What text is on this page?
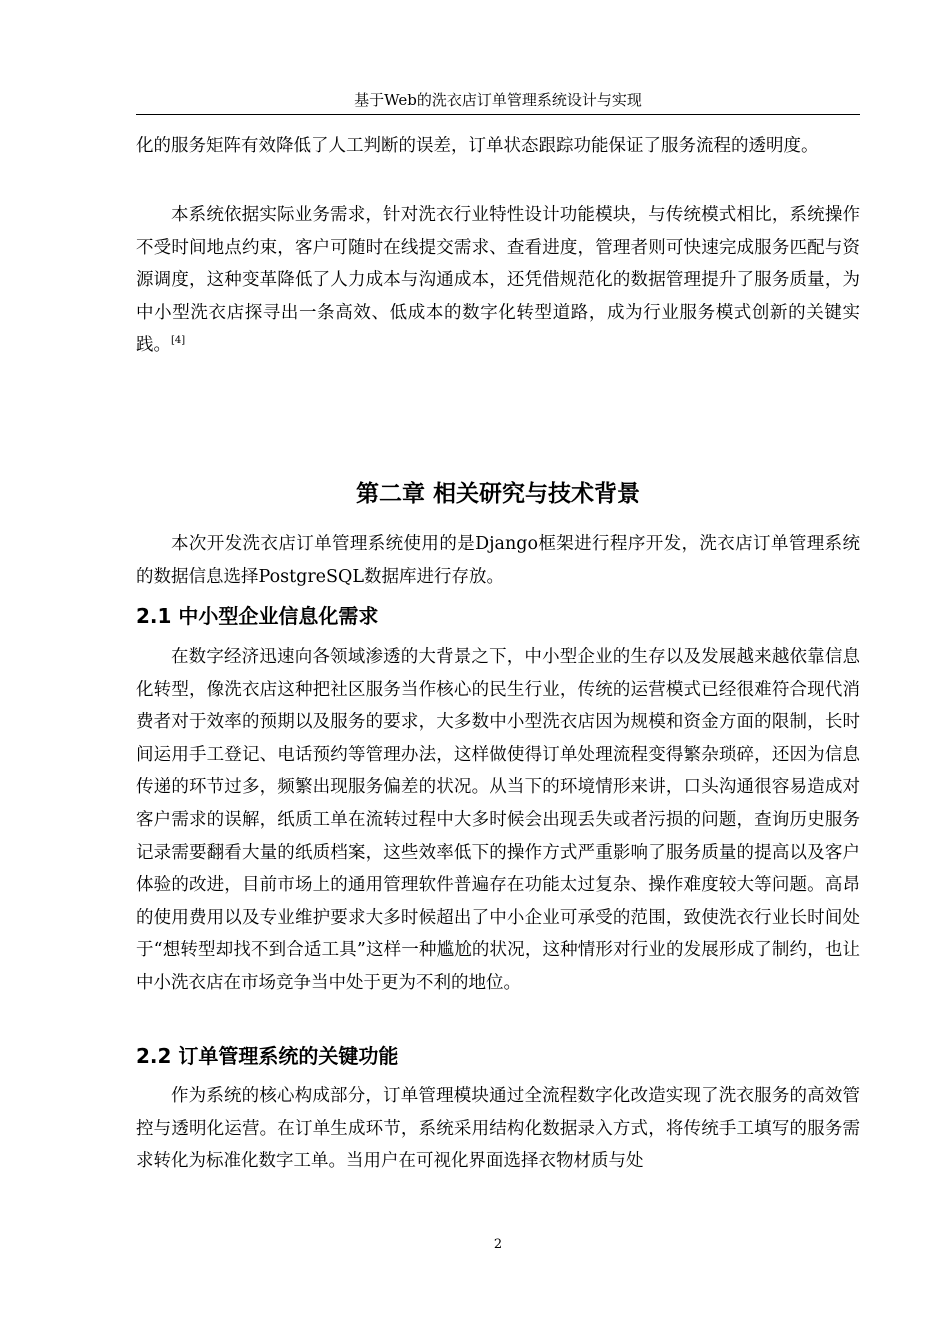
基于Web的洗衣店订单管理系统设计与实现

化的服务矩阵有效降低了人工判断的误差，订单状态跟踪功能保证了服务流程的透明度。

本系统依据实际业务需求，针对洗衣行业特性设计功能模块，与传统模式相比，系统操作不受时间地点约束，客户可随时在线提交需求、查看进度，管理者则可快速完成服务匹配与资源调度，这种变革降低了人力成本与沟通成本，还凭借规范化的数据管理提升了服务质量，为中小型洗衣店探寻出一条高效、低成本的数字化转型道路，成为行业服务模式创新的关键实践。[4]

第二章 相关研究与技术背景

本次开发洗衣店订单管理系统使用的是Django框架进行程序开发，洗衣店订单管理系统的数据信息选择PostgreSQL数据库进行存放。

2.1 中小型企业信息化需求

在数字经济迅速向各领域渗透的大背景之下，中小型企业的生存以及发展越来越依靠信息化转型，像洗衣店这种把社区服务当作核心的民生行业，传统的运营模式已经很难符合现代消费者对于效率的预期以及服务的要求，大多数中小型洗衣店因为规模和资金方面的限制，长时间运用手工登记、电话预约等管理办法，这样做使得订单处理流程变得繁杂琐碎，还因为信息传递的环节过多，频繁出现服务偏差的状况。从当下的环境情形来讲，口头沟通很容易造成对客户需求的误解，纸质工单在流转过程中大多时候会出现丢失或者污损的问题，查询历史服务记录需要翻看大量的纸质档案，这些效率低下的操作方式严重影响了服务质量的提高以及客户体验的改进，目前市场上的通用管理软件普遍存在功能太过复杂、操作难度较大等问题。高昂的使用费用以及专业维护要求大多时候超出了中小企业可承受的范围，致使洗衣行业长时间处于“想转型却找不到合适工具”这样一种尴尬的状况，这种情形对行业的发展形成了制约，也让中小洗衣店在市场竞争当中处于更为不利的地位。

2.2 订单管理系统的关键功能

作为系统的核心构成部分，订单管理模块通过全流程数字化改造实现了洗衣服务的高效管控与透明化运营。在订单生成环节，系统采用结构化数据录入方式，将传统手工填写的服务需求转化为标准化数字工单。当用户在可视化界面选择衣物材质与处

2
